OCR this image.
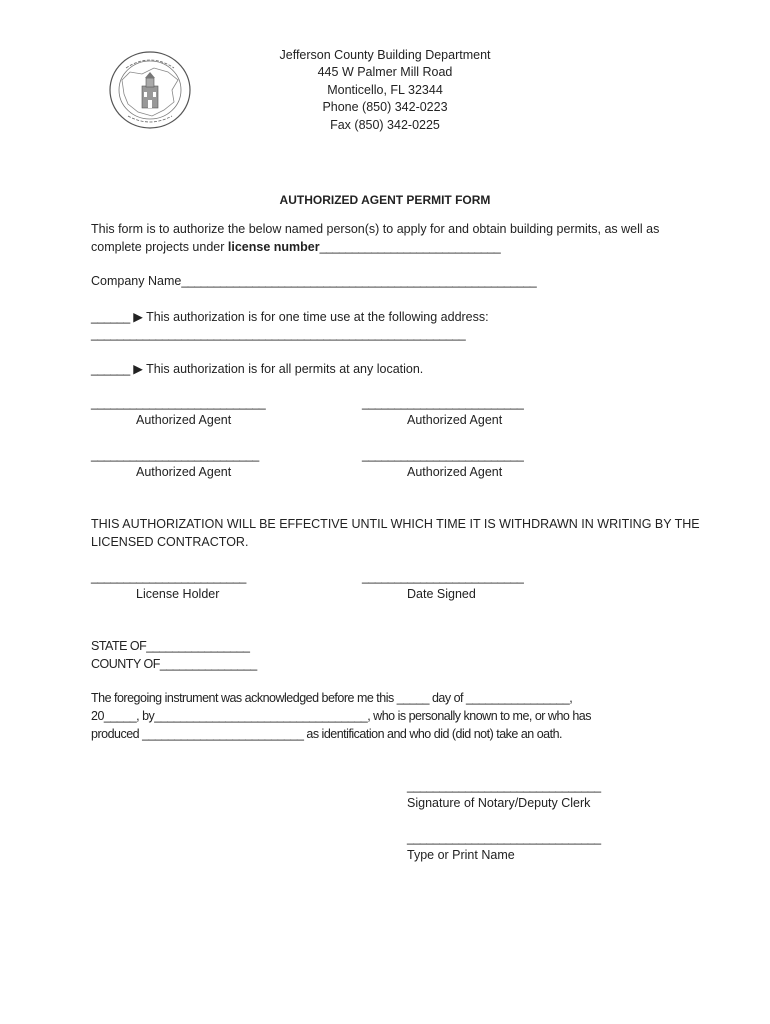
Jefferson County Building Department
445 W Palmer Mill Road
Monticello, FL 32344
Phone (850) 342-0223
Fax (850) 342-0225
AUTHORIZED AGENT PERMIT FORM
This form is to authorize the below named person(s) to apply for and obtain building permits, as well as
complete projects under license number____________________________
Company Name_______________________________________________________
______ ▶ This authorization is for one time use at the following address:
__________________________________________________________
______ ▶ This authorization is for all permits at any location.
___________________________
Authorized Agent
_________________________
Authorized Agent
__________________________
Authorized Agent
_________________________
Authorized Agent
THIS AUTHORIZATION WILL BE EFFECTIVE UNTIL WHICH TIME IT IS WITHDRAWN IN WRITING BY THE
LICENSED CONTRACTOR.
________________________
License Holder
_________________________
Date Signed
STATE OF________________
COUNTY OF_______________
The foregoing instrument was acknowledged before me this _____ day of ________________,
20_____, by_________________________________, who is personally known to me, or who has
produced _________________________ as identification and who did (did not) take an oath.
______________________________
Signature of Notary/Deputy Clerk
______________________________
Type or Print Name
